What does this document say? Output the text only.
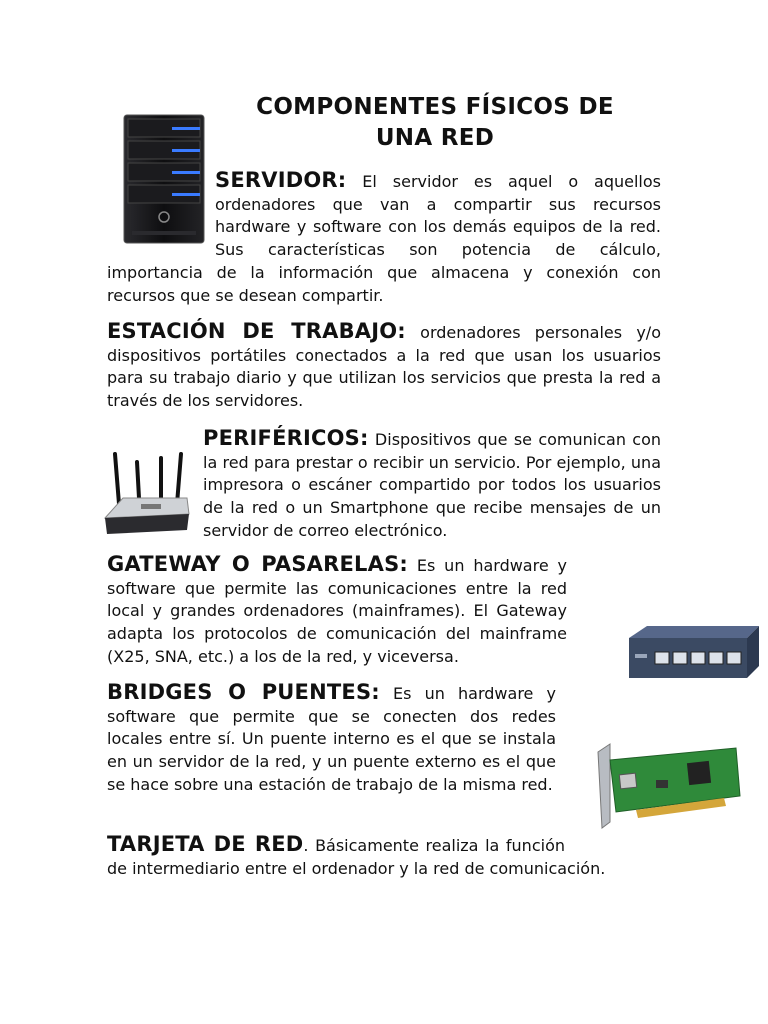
COMPONENTES FÍSICOS DE
UNA RED
SERVIDOR: El servidor es aquel o aquellos ordenadores que van a compartir sus recursos hardware y software con los demás equipos de la red. Sus características son potencia de cálculo, importancia de la información que almacena y conexión con recursos que se desean compartir.
ESTACIÓN DE TRABAJO: ordenadores personales y/o dispositivos portátiles conectados a la red que usan los usuarios para su trabajo diario y que utilizan los servicios que presta la red a través de los servidores.
PERIFÉRICOS: Dispositivos que se comunican con la red para prestar o recibir un servicio. Por ejemplo, una impresora o escáner compartido por todos los usuarios de la red o un Smartphone que recibe mensajes de un servidor de correo electrónico.
GATEWAY O PASARELAS: Es un hardware y software que permite las comunicaciones entre la red local y grandes ordenadores (mainframes). El Gateway adapta los protocolos de comunicación del mainframe (X25, SNA, etc.) a los de la red, y viceversa.
BRIDGES O PUENTES: Es un hardware y software que permite que se conecten dos redes locales entre sí. Un puente interno es el que se instala en un servidor de la red, y un puente externo es el que se hace sobre una estación de trabajo de la misma red.
TARJETA DE RED. Básicamente realiza la función de intermediario entre el ordenador y la red de comunicación.
